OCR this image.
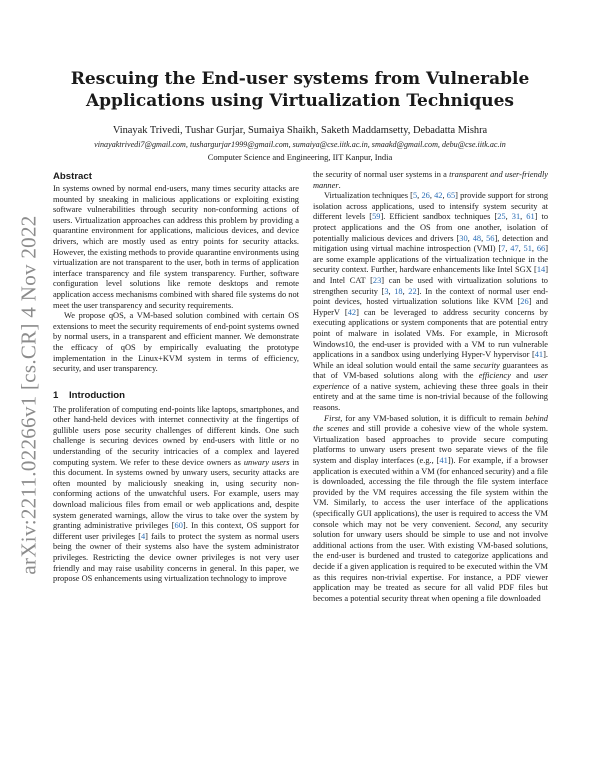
arXiv:2211.02266v1 [cs.CR] 4 Nov 2022
Rescuing the End-user systems from Vulnerable
Applications using Virtualization Techniques
Vinayak Trivedi, Tushar Gurjar, Sumaiya Shaikh, Saketh Maddamsetty, Debadatta Mishra
vinayaktrivedi7@gmail.com, tushargurjar1999@gmail.com, sumaiya@cse.iitk.ac.in, smaakd@gmail.com, debu@cse.iitk.ac.in
Computer Science and Engineering, IIT Kanpur, India
Abstract

In systems owned by normal end-users, many times security attacks are mounted by sneaking in malicious applications or exploiting existing software vulnerabilities through security non-conforming actions of users. Virtualization approaches can address this problem by providing a quarantine environment for applications, malicious devices, and device drivers, which are mostly used as entry points for security attacks. However, the existing methods to provide quarantine environments using virtualization are not transparent to the user, both in terms of application interface transparency and file system transparency. Further, software configuration level solutions like remote desktops and remote application access mechanisms combined with shared file systems do not meet the user transparency and security requirements.

We propose qOS, a VM-based solution combined with certain OS extensions to meet the security requirements of end-point systems owned by normal users, in a transparent and efficient manner. We demonstrate the efficacy of qOS by empirically evaluating the prototype implementation in the Linux+KVM system in terms of efficiency, security, and user transparency.

1 Introduction

The proliferation of computing end-points like laptops, smartphones, and other hand-held devices with internet connectivity at the fingertips of gullible users pose security challenges of different kinds. One such challenge is securing devices owned by end-users with little or no understanding of the security intricacies of a complex and layered computing system. We refer to these device owners as unwary users in this document. In systems owned by unwary users, security attacks are often mounted by maliciously sneaking in, using security non-conforming actions of the unwatchful users. For example, users may download malicious files from email or web applications and, despite system generated warnings, allow the virus to take over the system by granting administrative privileges [60]. In this context, OS support for different user privileges [4] fails to protect the system as normal users being the owner of their systems also have the system administrator privileges. Restricting the device owner privileges is not very user friendly and may raise usability concerns in general. In this paper, we propose OS enhancements using virtualization technology to improve

the security of normal user systems in a transparent and user-friendly manner.

Virtualization techniques [5, 26, 42, 65] provide support for strong isolation across applications, used to intensify system security at different levels [59]. Efficient sandbox techniques [25, 31, 61] to protect applications and the OS from one another, isolation of potentially malicious devices and drivers [30, 48, 56], detection and mitigation using virtual machine introspection (VMI) [7, 47, 51, 66] are some example applications of the virtualization technique in the security context. Further, hardware enhancements like Intel SGX [14] and Intel CAT [23] can be used with virtualization solutions to strengthen security [3, 18, 22]. In the context of normal user end-point devices, hosted virtualization solutions like KVM [26] and HyperV [42] can be leveraged to address security concerns by executing applications or system components that are potential entry point of malware in isolated VMs. For example, in Microsoft Windows10, the end-user is provided with a VM to run vulnerable applications in a sandbox using underlying Hyper-V hypervisor [41]. While an ideal solution would entail the same security guarantees as that of VM-based solutions along with the efficiency and user experience of a native system, achieving these three goals in their entirety and at the same time is non-trivial because of the following reasons.

First, for any VM-based solution, it is difficult to remain behind the scenes and still provide a cohesive view of the whole system. Virtualization based approaches to provide secure computing platforms to unwary users present two separate views of the file system and display interfaces (e.g., [41]). For example, if a browser application is executed within a VM (for enhanced security) and a file is downloaded, accessing the file through the file system interface provided by the VM requires accessing the file system within the VM. Similarly, to access the user interface of the applications (specifically GUI applications), the user is required to access the VM console which may not be very convenient. Second, any security solution for unwary users should be simple to use and not involve additional actions from the user. With existing VM-based solutions, the end-user is burdened and trusted to categorize applications and decide if a given application is required to be executed within the VM as this requires non-trivial expertise. For instance, a PDF viewer application may be treated as secure for all valid PDF files but becomes a potential security threat when opening a file downloaded
